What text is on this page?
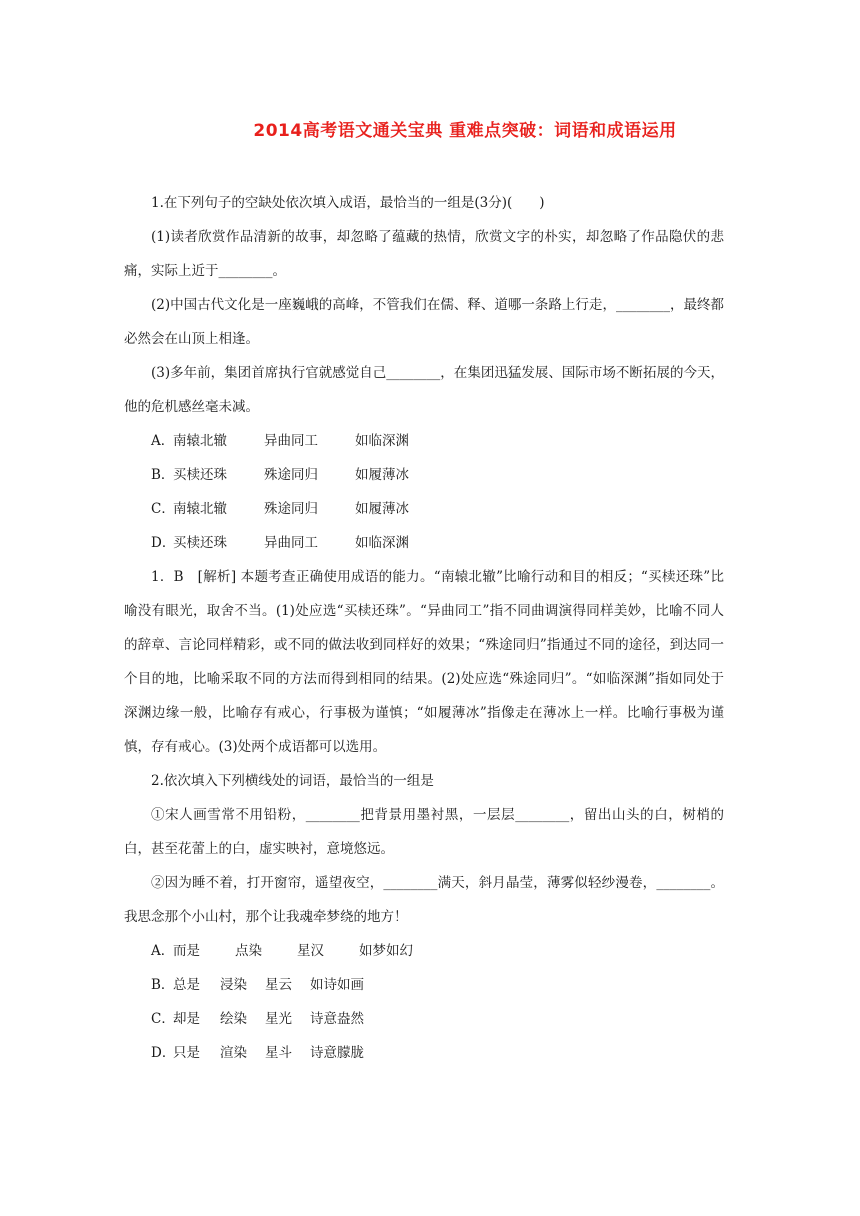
2014高考语文通关宝典 重难点突破：词语和成语运用

1.在下列句子的空缺处依次填入成语，最恰当的一组是(3分)(　　)

(1)读者欣赏作品清新的故事，却忽略了蕴藏的热情，欣赏文字的朴实，却忽略了作品隐伏的悲痛，实际上近于________。

(2)中国古代文化是一座巍峨的高峰，不管我们在儒、释、道哪一条路上行走，________，最终都必然会在山顶上相逢。

(3)多年前，集团首席执行官就感觉自己________，在集团迅猛发展、国际市场不断拓展的今天，他的危机感丝毫未减。

A．南辕北辙	异曲同工	如临深渊

B．买椟还珠	殊途同归	如履薄冰

C．南辕北辙	殊途同归	如履薄冰

D．买椟还珠	异曲同工	如临深渊

1．B　[解析] 本题考查正确使用成语的能力。“南辕北辙”比喻行动和目的相反；“买椟还珠”比喻没有眼光，取舍不当。(1)处应选“买椟还珠”。“异曲同工”指不同曲调演得同样美妙，比喻不同人的辞章、言论同样精彩，或不同的做法收到同样好的效果；“殊途同归”指通过不同的途径，到达同一个目的地，比喻采取不同的方法而得到相同的结果。(2)处应选“殊途同归”。“如临深渊”指如同处于深渊边缘一般，比喻存有戒心，行事极为谨慎；“如履薄冰”指像走在薄冰上一样。比喻行事极为谨慎，存有戒心。(3)处两个成语都可以选用。

2.依次填入下列横线处的词语，最恰当的一组是

①宋人画雪常不用铅粉，________把背景用墨衬黑，一层层________，留出山头的白，树梢的白，甚至花蕾上的白，虚实映衬，意境悠远。

②因为睡不着，打开窗帘，遥望夜空，________满天，斜月晶莹，薄雾似轻纱漫卷，________。我思念那个小山村，那个让我魂牵梦绕的地方！

A．而是	点染	星汉	如梦如幻

B．总是 浸染 星云 如诗如画

C．却是 绘染 星光 诗意盎然

D．只是 渲染 星斗 诗意朦胧
